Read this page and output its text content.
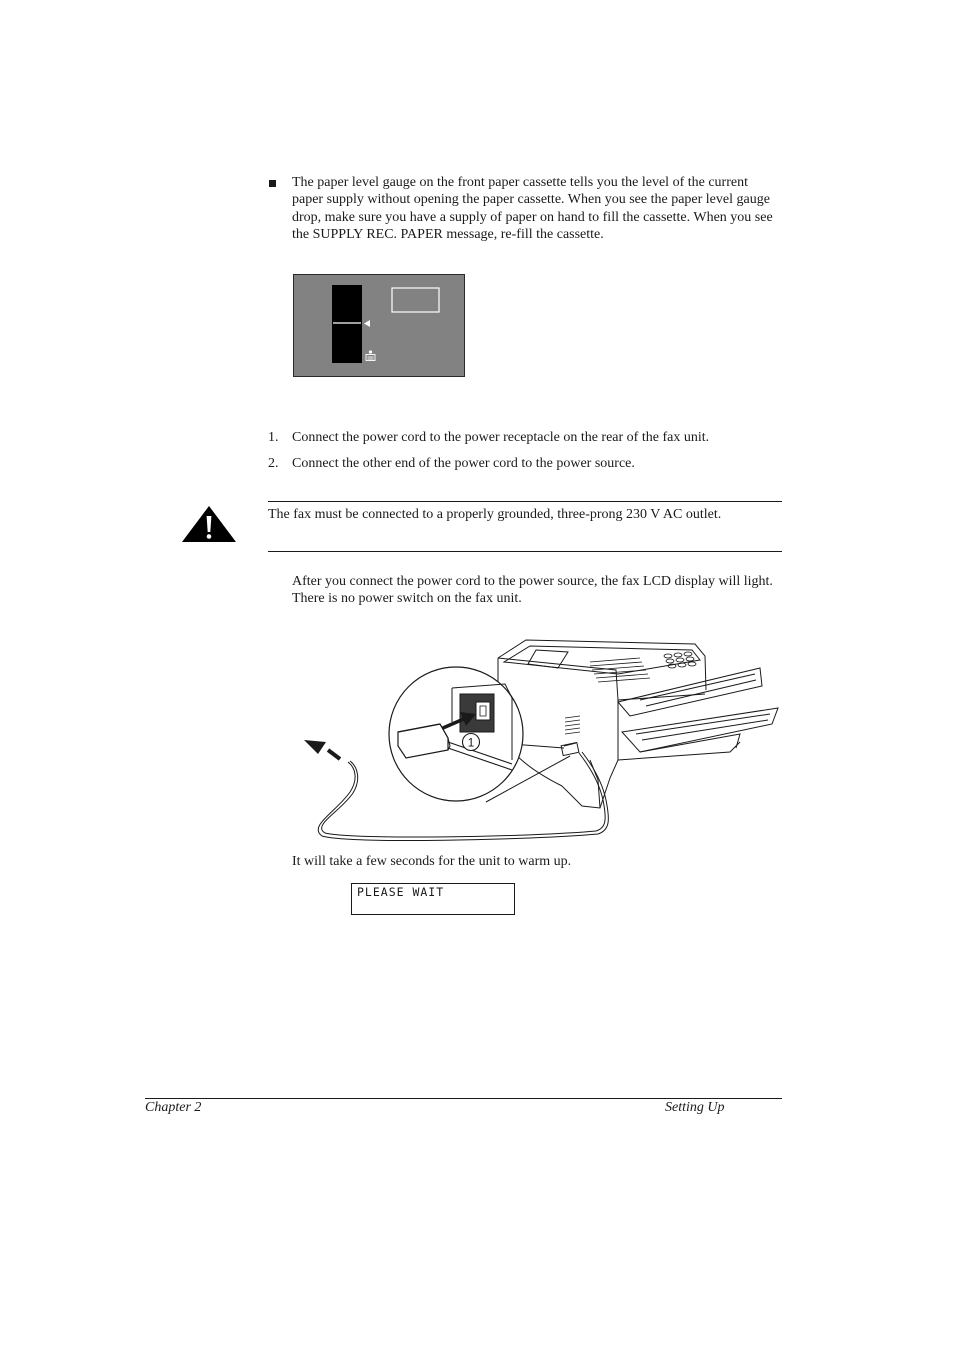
The paper level gauge on the front paper cassette tells you the level of the current paper supply without opening the paper cassette. When you see the paper level gauge drop, make sure you have a supply of paper on hand to fill the cassette. When you see the SUPPLY REC. PAPER message, re-fill the cassette.
1. Connect the power cord to the power receptacle on the rear of the fax unit.
2. Connect the other end of the power cord to the power source.
The fax must be connected to a properly grounded, three-prong 230 V AC outlet.
After you connect the power cord to the power source, the fax LCD display will light. There is no power switch on the fax unit.
1
It will take a few seconds for the unit to warm up.
PLEASE WAIT
Chapter 2	Setting Up
